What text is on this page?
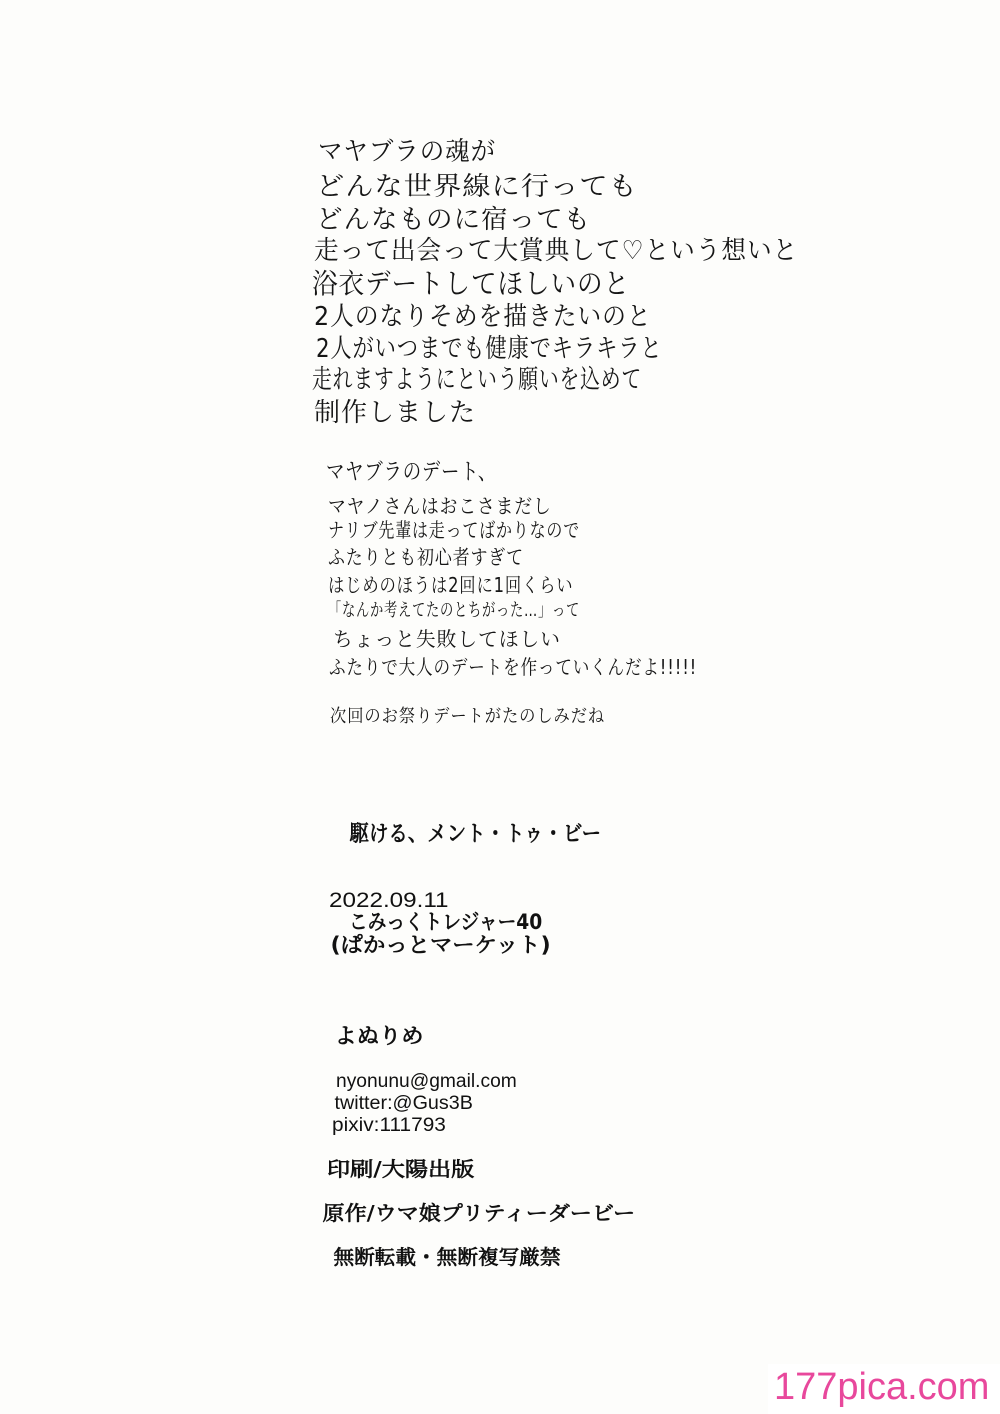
マヤブラの魂が
どんな世界線に行っても
どんなものに宿っても
走って出会って大賞典して♡という想いと
浴衣デートしてほしいのと
2人のなりそめを描きたいのと
2人がいつまでも健康でキラキラと
走れますようにという願いを込めて
制作しました
マヤブラのデート、
マヤノさんはおこさまだし
ナリブ先輩は走ってばかりなので
ふたりとも初心者すぎて
はじめのほうは2回に1回くらい
「なんか考えてたのとちがった…」って
ちょっと失敗してほしい
ふたりで大人のデートを作っていくんだよ!!!!!
次回のお祭りデートがたのしみだね
駆ける、メント・トゥ・ビー
2022.09.11
こみっくトレジャー40
(ぱかっとマーケット)
よぬりめ
nyonunu@gmail.com
twitter:@Gus3B
pixiv:111793
印刷/大陽出版
原作/ウマ娘プリティーダービー
無断転載・無断複写厳禁
177pica.com
